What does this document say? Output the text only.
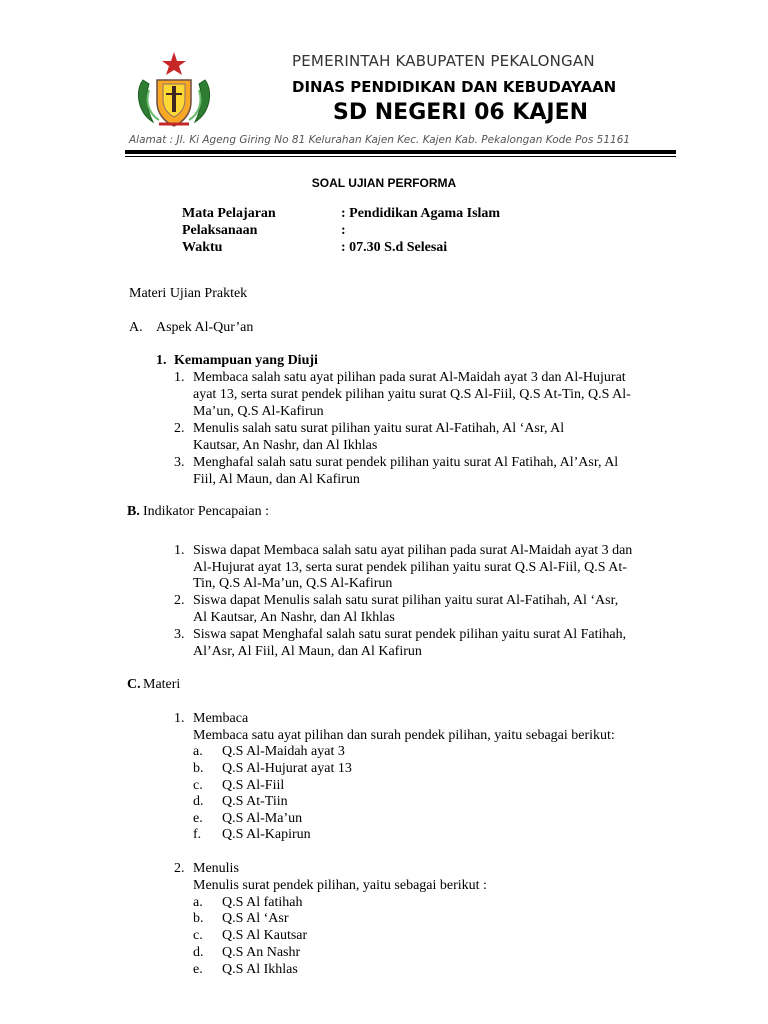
PEMERINTAH KABUPATEN PEKALONGAN
DINAS PENDIDIKAN DAN KEBUDAYAAN
SD NEGERI 06 KAJEN
Alamat : Jl. Ki Ageng Giring No 81 Kelurahan Kajen Kec. Kajen Kab. Pekalongan Kode Pos 51161
SOAL UJIAN PERFORMA
Mata Pelajaran	: Pendidikan Agama Islam
Pelaksanaan	:
Waktu	: 07.30 S.d Selesai
Materi Ujian Praktek
A. Aspek Al-Qur’an
1. Kemampuan yang Diuji
1. Membaca salah satu ayat pilihan pada surat Al-Maidah ayat 3 dan Al-Hujurat
ayat 13, serta surat pendek pilihan yaitu surat Q.S Al-Fiil, Q.S At-Tin, Q.S Al-
Ma’un, Q.S Al-Kafirun
2. Menulis salah satu surat pilihan yaitu surat Al-Fatihah, Al ‘Asr, Al
Kautsar, An Nashr, dan Al Ikhlas
3. Menghafal salah satu surat pendek pilihan yaitu surat Al Fatihah, Al’Asr, Al
Fiil, Al Maun, dan Al Kafirun
B. Indikator Pencapaian :
1. Siswa dapat Membaca salah satu ayat pilihan pada surat Al-Maidah ayat 3 dan
Al-Hujurat ayat 13, serta surat pendek pilihan yaitu surat Q.S Al-Fiil, Q.S At-
Tin, Q.S Al-Ma’un, Q.S Al-Kafirun
2. Siswa dapat Menulis salah satu surat pilihan yaitu surat Al-Fatihah, Al ‘Asr,
Al Kautsar, An Nashr, dan Al Ikhlas
3. Siswa sapat Menghafal salah satu surat pendek pilihan yaitu surat Al Fatihah,
Al’Asr, Al Fiil, Al Maun, dan Al Kafirun
C. Materi
1. Membaca
Membaca satu ayat pilihan dan surah pendek pilihan, yaitu sebagai berikut:
a. Q.S Al-Maidah ayat 3
b. Q.S Al-Hujurat ayat 13
c. Q.S Al-Fiil
d. Q.S At-Tiin
e. Q.S Al-Ma’un
f. Q.S Al-Kapirun
2. Menulis
Menulis surat pendek pilihan, yaitu sebagai berikut :
a. Q.S Al fatihah
b. Q.S Al ‘Asr
c. Q.S Al Kautsar
d. Q.S An Nashr
e. Q.S Al Ikhlas
